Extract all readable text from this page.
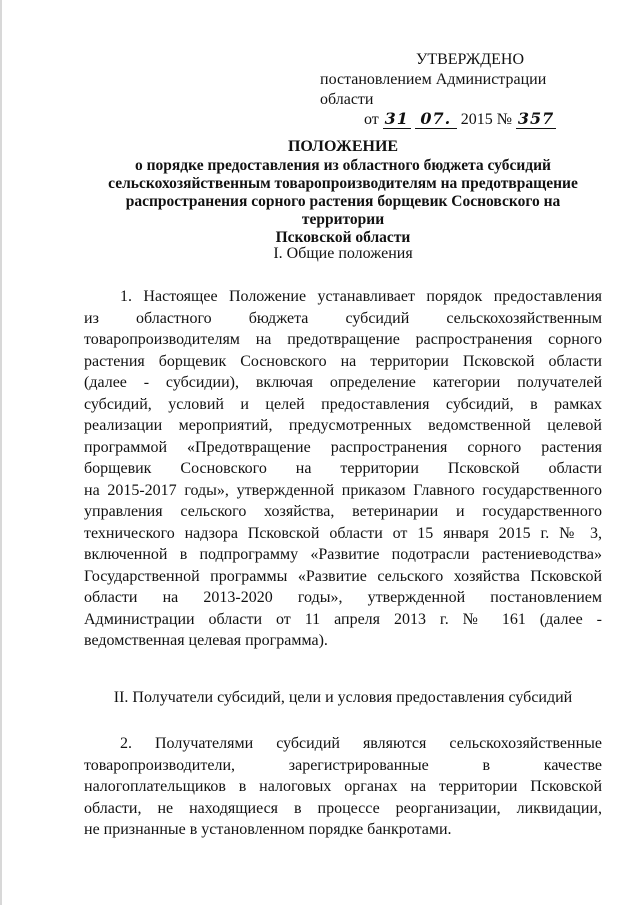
УТВЕРЖДЕНО
постановлением Администрации области
от 31 07. 2015 № 357
ПОЛОЖЕНИЕ
о порядке предоставления из областного бюджета субсидий
сельскохозяйственным товаропроизводителям на предотвращение
распространения сорного растения борщевик Сосновского на территории
Псковской области
I. Общие положения
1. Настоящее Положение устанавливает порядок предоставления
из областного бюджета субсидий сельскохозяйственным
товаропроизводителям на предотвращение распространения сорного
растения борщевик Сосновского на территории Псковской области
(далее - субсидии), включая определение категории получателей
субсидий, условий и целей предоставления субсидий, в рамках
реализации мероприятий, предусмотренных ведомственной целевой
программой «Предотвращение распространения сорного растения
борщевик Сосновского на территории Псковской области
на 2015-2017 годы», утвержденной приказом Главного государственного
управления сельского хозяйства, ветеринарии и государственного
технического надзора Псковской области от 15 января 2015 г. № 3,
включенной в подпрограмму «Развитие подотрасли растениеводства»
Государственной программы «Развитие сельского хозяйства Псковской
области на 2013-2020 годы», утвержденной постановлением
Администрации области от 11 апреля 2013 г. № 161 (далее -
ведомственная целевая программа).
II. Получатели субсидий, цели и условия предоставления субсидий
2. Получателями субсидий являются сельскохозяйственные
товаропроизводители, зарегистрированные в качестве
налогоплательщиков в налоговых органах на территории Псковской
области, не находящиеся в процессе реорганизации, ликвидации,
не признанные в установленном порядке банкротами.
